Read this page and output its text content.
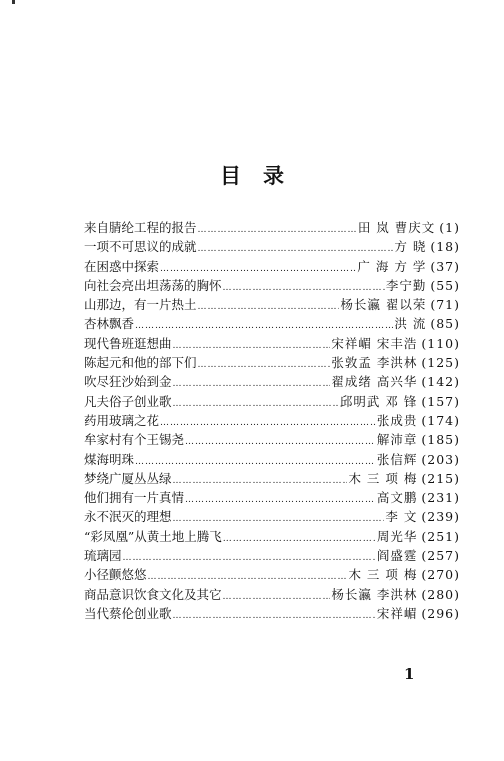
目录
来自腈纶工程的报告 ………………………………………………………………………………………………………………	田 岚 曹庆文 (1)
一项不可思议的成就 ………………………………………………………………………………………………………………	方 晓 (18)
在困惑中探索 ………………………………………………………………………………………………………………	广 海 方 学 (37)
向社会亮出坦荡荡的胸怀 ………………………………………………………………………………………………………………	李宁勤 (55)
山那边，有一片热土 ………………………………………………………………………………………………………………	杨长瀛 翟以荣 (71)
杏林飘香 ………………………………………………………………………………………………………………	洪 流 (85)
现代鲁班逛想曲 ………………………………………………………………………………………………………………	宋祥嵋 宋丰浩 (110)
陈起元和他的部下们 ………………………………………………………………………………………………………………	张敦孟 李洪林 (125)
吹尽狂沙始到金 ………………………………………………………………………………………………………………	翟成绪 高兴华 (142)
凡夫俗子创业歌 ………………………………………………………………………………………………………………	邱明武 邓 锋 (157)
药用玻璃之花 ………………………………………………………………………………………………………………	张成贵 (174)
牟家村有个王锡尧 ………………………………………………………………………………………………………………	解沛章 (185)
煤海明珠 ………………………………………………………………………………………………………………	张信辉 (203)
梦绕广厦丛丛绿 ………………………………………………………………………………………………………………	木 三 项 梅 (215)
他们拥有一片真情 ………………………………………………………………………………………………………………	高文鹏 (231)
永不泯灭的理想 ………………………………………………………………………………………………………………	李 文 (239)
“彩凤凰”从黄土地上腾飞 ………………………………………………………………………………………………………………	周光华 (251)
琉璃园 ………………………………………………………………………………………………………………	阎盛霆 (257)
小径颤悠悠 ………………………………………………………………………………………………………………	木 三 项 梅 (270)
商品意识饮食文化及其它 ………………………………………………………………………………………………………………	杨长瀛 李洪林 (280)
当代蔡伦创业歌 ………………………………………………………………………………………………………………	宋祥嵋 (296)
1
